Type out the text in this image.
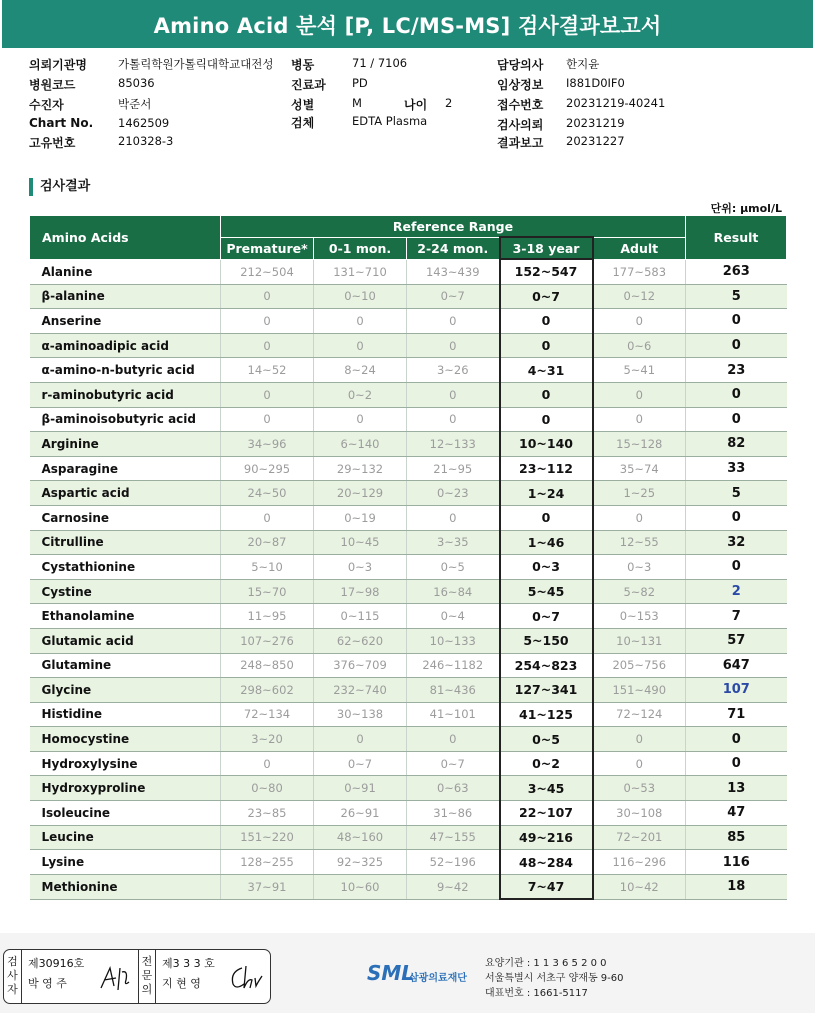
Amino Acid 분석 [P, LC/MS-MS] 검사결과보고서
의뢰기관명	가톨릭학원가톨릭대학교대전성 병동	71 / 7106	담당의사 한지윤
병원코드	85036	진료과 PD	임상정보 I881D0IF0
수진자	박준서	성별	M	나이 2	접수번호 20231219-40241
Chart No. 1462509	검체	EDTA Plasma	검사의뢰 20231219
고유번호	210328-3	결과보고 20231227
검사결과
단위: µmol/L
Amino Acids	Reference Range					Result
	Premature*	0-1 mon.	2-24 mon.	3-18 year	Adult	
Alanine	212~504	131~710	143~439	152~547	177~583	263
β-alanine	0	0~10	0~7	0~7	0~12	5
Anserine	0	0	0	0	0	0
α-aminoadipic acid	0	0	0	0	0~6	0
α-amino-n-butyric acid	14~52	8~24	3~26	4~31	5~41	23
r-aminobutyric acid	0	0~2	0	0	0	0
β-aminoisobutyric acid	0	0	0	0	0	0
Arginine	34~96	6~140	12~133	10~140	15~128	82
Asparagine	90~295	29~132	21~95	23~112	35~74	33
Aspartic acid	24~50	20~129	0~23	1~24	1~25	5
Carnosine	0	0~19	0	0	0	0
Citrulline	20~87	10~45	3~35	1~46	12~55	32
Cystathionine	5~10	0~3	0~5	0~3	0~3	0
Cystine	15~70	17~98	16~84	5~45	5~82	2
Ethanolamine	11~95	0~115	0~4	0~7	0~153	7
Glutamic acid	107~276	62~620	10~133	5~150	10~131	57
Glutamine	248~850	376~709	246~1182	254~823	205~756	647
Glycine	298~602	232~740	81~436	127~341	151~490	107
Histidine	72~134	30~138	41~101	41~125	72~124	71
Homocystine	3~20	0	0	0~5	0	0
Hydroxylysine	0	0~7	0~7	0~2	0	0
Hydroxyproline	0~80	0~91	0~63	3~45	0~53	13
Isoleucine	23~85	26~91	31~86	22~107	30~108	47
Leucine	151~220	48~160	47~155	49~216	72~201	85
Lysine	128~255	92~325	52~196	48~284	116~296	116
Methionine	37~91	10~60	9~42	7~47	10~42	18
검
사
자
제30916호
박 영 주
전
문
의
제3 3 3 호
지 현 영	SML
삼광의료재단
요양기관 : 1 1 3 6 5 2 0 0
서울특별시 서초구 양재동 9-60
대표번호 : 1661-5117
